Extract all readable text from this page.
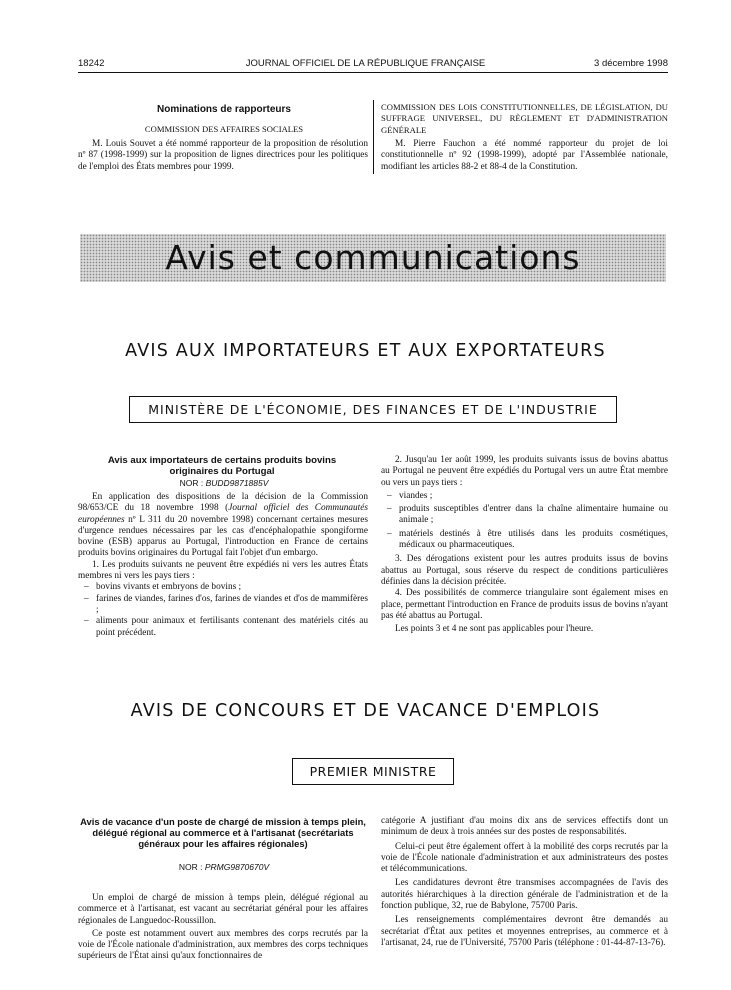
18242	JOURNAL OFFICIEL DE LA RÉPUBLIQUE FRANÇAISE	3 décembre 1998
Nominations de rapporteurs
COMMISSION DES AFFAIRES SOCIALES

M. Louis Souvet a été nommé rapporteur de la proposition de résolution nº 87 (1998-1999) sur la proposition de lignes directrices pour les politiques de l'emploi des États membres pour 1999.

COMMISSION DES LOIS CONSTITUTIONNELLES, DE LÉGISLATION, DU SUFFRAGE UNIVERSEL, DU RÈGLEMENT ET D'ADMINISTRATION GÉNÉRALE

M. Pierre Fauchon a été nommé rapporteur du projet de loi constitutionnelle nº 92 (1998-1999), adopté par l'Assemblée nationale, modifiant les articles 88-2 et 88-4 de la Constitution.

Avis et communications
AVIS AUX IMPORTATEURS ET AUX EXPORTATEURS
MINISTÈRE DE L'ÉCONOMIE, DES FINANCES ET DE L'INDUSTRIE
Avis aux importateurs de certains produits bovins originaires du Portugal
NOR : BUDD9871885V

En application des dispositions de la décision de la Commission 98/653/CE du 18 novembre 1998 (Journal officiel des Communautés européennes nº L 311 du 20 novembre 1998) concernant certaines mesures d'urgence rendues nécessaires par les cas d'encéphalopathie spongiforme bovine (ESB) apparus au Portugal, l'introduction en France de certains produits bovins originaires du Portugal fait l'objet d'un embargo.

1. Les produits suivants ne peuvent être expédiés ni vers les autres États membres ni vers les pays tiers :

– bovins vivants et embryons de bovins ;
– farines de viandes, farines d'os, farines de viandes et d'os de mammifères ;
– aliments pour animaux et fertilisants contenant des matériels cités au point précédent.

2. Jusqu'au 1er août 1999, les produits suivants issus de bovins abattus au Portugal ne peuvent être expédiés du Portugal vers un autre État membre ou vers un pays tiers :

– viandes ;
– produits susceptibles d'entrer dans la chaîne alimentaire humaine ou animale ;
– matériels destinés à être utilisés dans les produits cosmétiques, médicaux ou pharmaceutiques.

3. Des dérogations existent pour les autres produits issus de bovins abattus au Portugal, sous réserve du respect de conditions particulières définies dans la décision précitée.

4. Des possibilités de commerce triangulaire sont également mises en place, permettant l'introduction en France de produits issus de bovins n'ayant pas été abattus au Portugal.

Les points 3 et 4 ne sont pas applicables pour l'heure.

AVIS DE CONCOURS ET DE VACANCE D'EMPLOIS
PREMIER MINISTRE
Avis de vacance d'un poste de chargé de mission à temps plein, délégué régional au commerce et à l'artisanat (secrétariats généraux pour les affaires régionales)
NOR : PRMG9870670V

Un emploi de chargé de mission à temps plein, délégué régional au commerce et à l'artisanat, est vacant au secrétariat général pour les affaires régionales de Languedoc-Roussillon.

Ce poste est notamment ouvert aux membres des corps recrutés par la voie de l'École nationale d'administration, aux membres des corps techniques supérieurs de l'État ainsi qu'aux fonctionnaires de

catégorie A justifiant d'au moins dix ans de services effectifs dont un minimum de deux à trois années sur des postes de responsabilités.

Celui-ci peut être également offert à la mobilité des corps recrutés par la voie de l'École nationale d'administration et aux administrateurs des postes et télécommunications.

Les candidatures devront être transmises accompagnées de l'avis des autorités hiérarchiques à la direction générale de l'administration et de la fonction publique, 32, rue de Babylone, 75700 Paris.

Les renseignements complémentaires devront être demandés au secrétariat d'État aux petites et moyennes entreprises, au commerce et à l'artisanat, 24, rue de l'Université, 75700 Paris (téléphone : 01-44-87-13-76).
